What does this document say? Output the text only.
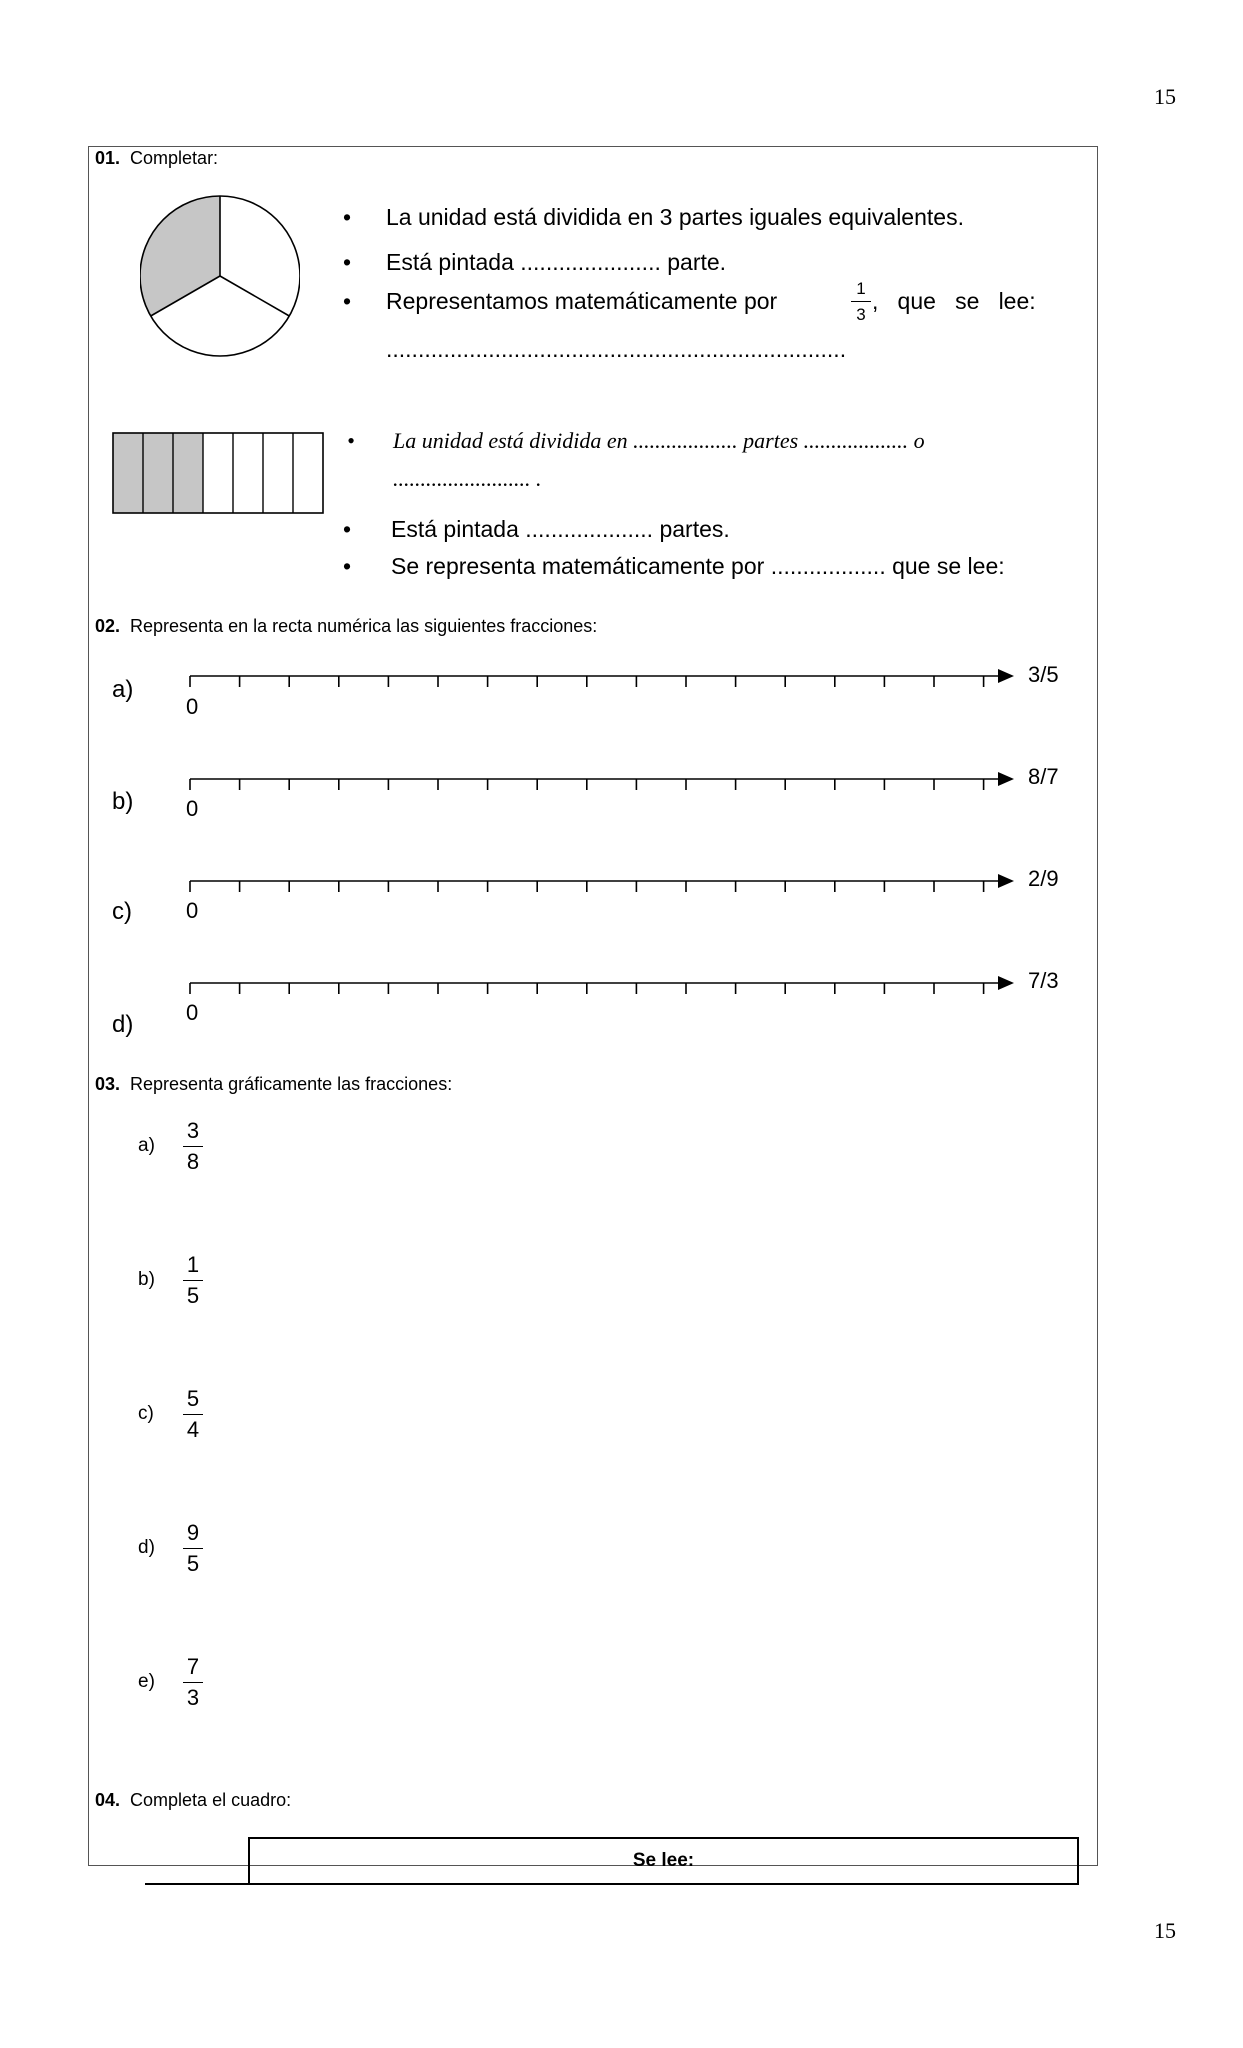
15
01. Completar:
• La unidad está dividida en 3 partes iguales equivalentes.
• Está pintada ...................... parte.
• Representamos matemáticamente por	1
3
,   que   se   lee:
........................................................................
• La unidad está dividida en ................... partes ................... o
......................... .
• Está pintada .................... partes.
• Se representa matemáticamente por .................. que se lee:
02. Representa en la recta numérica las siguientes fracciones:
a)
0
3/5
b) 0
8/7
c) 0
2/9
d) 0
7/3
03. Representa gráficamente las fracciones:
a)
3
8
b)
1
5
c)
5
4
d)
9
5
e)
7
3
04. Completa el cuadro:
Se lee:
15
